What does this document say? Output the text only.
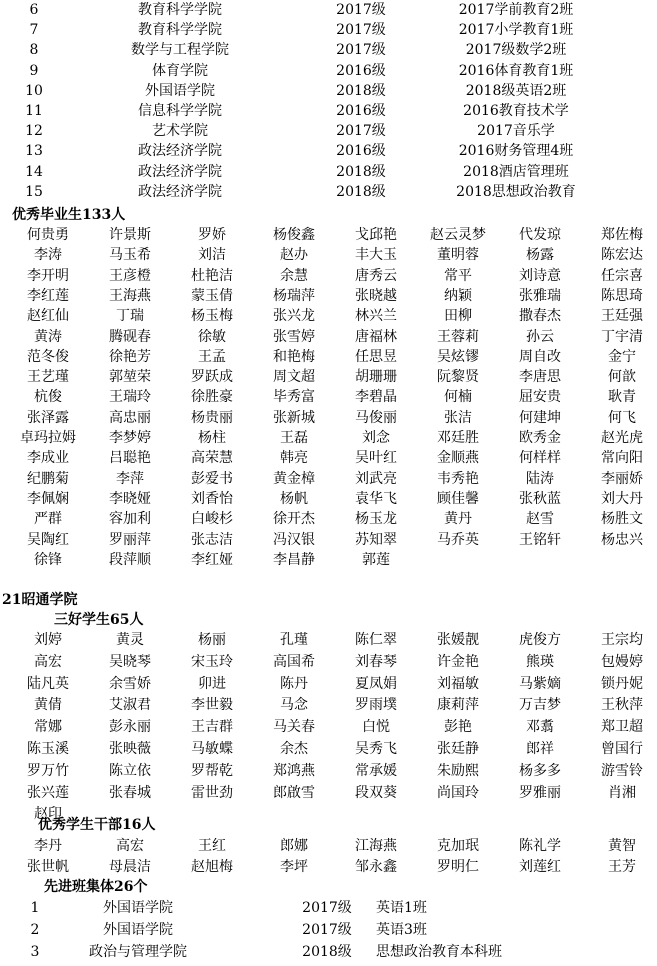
6	教育科学学院	2017级	2017学前教育2班
7	教育科学学院	2017级	2017小学教育1班
8	数学与工程学院	2017级	2017级数学2班
9	体育学院	2016级	2016体育教育1班
10	外国语学院	2018级	2018级英语2班
11	信息科学学院	2016级	2016教育技术学
12	艺术学院	2017级	2017音乐学
13	政法经济学院	2016级	2016财务管理4班
14	政法经济学院	2018级	2018酒店管理班
15	政法经济学院	2018级	2018思想政治教育
优秀毕业生133人
何贵勇	许景斯	罗娇	杨俊鑫	戈邱艳	赵云灵梦	代发琼	郑佐梅
李涛	马玉希	刘洁	赵办	丰大玉	董明蓉	杨露	陈宏达
李开明	王彦橙	杜艳洁	余慧	唐秀云	常平	刘诗意	任宗喜
李红莲	王海燕	蒙玉倩	杨瑞萍	张晓越	纳颖	张雅瑞	陈思琦
赵红仙	丁瑞	杨玉梅	张兴龙	林兴兰	田柳	撒春杰	王廷强
黄涛	腾砚春	徐敏	张雪婷	唐福林	王蓉莉	孙云	丁宇清
范冬俊	徐艳芳	王孟	和艳梅	任思昱	吴炫镠	周自改	金宁
王艺瑾	郭堃荣	罗跃成	周文超	胡珊珊	阮黎贤	李唐思	何歆
杭俊	王瑞玲	徐胜豪	毕秀富	李碧晶	何楠	屈安贵	耿青
张泽露	高忠丽	杨贵丽	张新城	马俊丽	张洁	何建坤	何飞
卓玛拉姆	李梦婷	杨柱	王磊	刘念	邓廷胜	欧秀金	赵光虎
李成业	吕聪艳	高荣慧	韩亮	吴叶红	金顺燕	何样样	常向阳
纪鹏菊	李萍	彭爱书	黄金樟	刘武亮	韦秀艳	陆涛	李丽娇
李佩娴	李晓娅	刘香怡	杨帆	袁华飞	顾佳馨	张秋蓝	刘大丹
严群	容加利	白峻杉	徐开杰	杨玉龙	黄丹	赵雪	杨胜文
吴陶红	罗丽萍	张志洁	冯汉银	苏知翠	马乔英	王铭轩	杨忠兴
徐锋	段萍顺	李红娅	李昌静	郭莲
21昭通学院
三好学生65人
刘婷	黄灵	杨丽	孔瑾	陈仁翠	张媛靓	虎俊方	王宗均
高宏	吴晓琴	宋玉玲	高国希	刘春琴	许金艳	熊瑛	包嫚婷
陆凡英	余雪娇	卯进	陈丹	夏凤娟	刘福敏	马紫嫡	锁丹妮
黄倩	艾淑君	李世毅	马念	罗雨墣	康莉萍	万吉梦	王秋萍
常娜	彭永丽	王吉群	马关春	白悦	彭艳	邓翥	郑卫超
陈玉溪	张映薇	马敏蝶	余杰	吴秀飞	张廷静	郎祥	曾国行
罗万竹	陈立依	罗帮乾	郑鸿燕	常承媛	朱励熙	杨多多	游雪铃
张兴莲	张春城	雷世劲	郎啟雪	段双葵	尚国玲	罗雅丽	肖湘
赵印
优秀学生干部16人
李丹	高宏	王红	郎娜	江海燕	克加珉	陈礼学	黄智
张世帆	母晨洁	赵旭梅	李坪	邹永鑫	罗明仁	刘莲红	王芳
先进班集体26个
1	外国语学院	2017级	英语1班
2	外国语学院	2017级	英语3班
3	政治与管理学院	2018级	思想政治教育本科班
